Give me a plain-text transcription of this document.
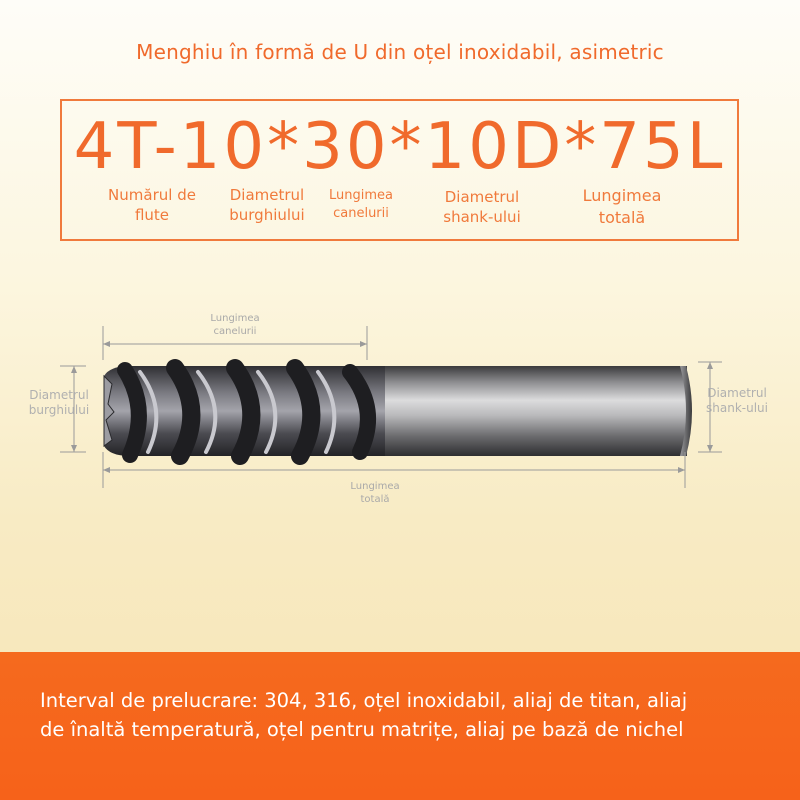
Menghiu în formă de U din oțel inoxidabil, asimetric
4T-10*30*10D*75L
Numărul de
flute
Diametrul
burghiului
Lungimea
canelurii
Diametrul
shank-ului
Lungimea
totală
Lungimea
canelurii
Diametrul
burghiului
Diametrul
shank-ului
Lungimea
totală
Interval de prelucrare: 304, 316, oțel inoxidabil, aliaj de titan, aliaj
de înaltă temperatură, oțel pentru matrițe, aliaj pe bază de nichel
